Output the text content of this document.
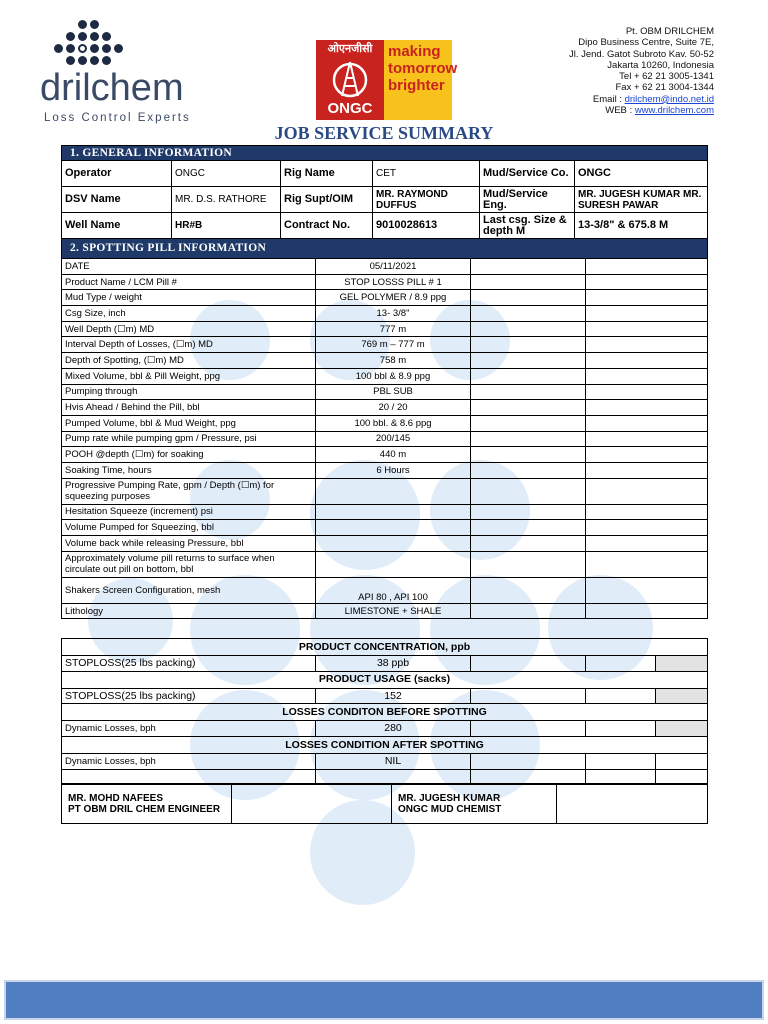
drilchem
Loss Control Experts
ओएनजीसी
ONGC
making
tomorrow
brighter
Pt. OBM DRILCHEM
Dipo Business Centre, Suite 7E,
Jl. Jend. Gatot Subroto Kav. 50-52
Jakarta 10260, Indonesia
Tel + 62 21 3005-1341
Fax + 62 21 3004-1344
Email : drilchem@indo.net.id
WEB : www.drilchem.com
JOB SERVICE SUMMARY
1. GENERAL INFORMATION					
Operator	ONGC	Rig Name	CET	Mud/Service Co.	ONGC
DSV Name	MR. D.S. RATHORE	Rig Supt/OIM	MR. RAYMOND DUFFUS	Mud/Service Eng.	MR. JUGESH KUMAR MR. SURESH PAWAR
Well Name	HR#B	Contract No.	9010028613	Last csg. Size & depth M	13-3/8" & 675.8 M
2. SPOTTING PILL INFORMATION			
DATE	05/11/2021		
Product Name / LCM Pill #	STOP LOSSS PILL # 1		
Mud Type / weight	GEL POLYMER / 8.9 ppg		
Csg Size, inch	13- 3/8"		
Well Depth (☐m) MD	777 m		
Interval Depth of Losses, (☐m) MD	769 m – 777 m		
Depth of Spotting, (☐m) MD	758 m		
Mixed Volume, bbl & Pill Weight, ppg	100 bbl & 8.9 ppg		
Pumping through	PBL SUB		
Hvis Ahead / Behind the Pill, bbl	20 / 20		
Pumped Volume, bbl & Mud Weight, ppg	100 bbl. & 8.6 ppg		
Pump rate while pumping gpm / Pressure, psi	200/145		
POOH @depth (☐m) for soaking	440 m		
Soaking Time, hours	6 Hours		
Progressive Pumping Rate, gpm / Depth (☐m) for squeezing purposes			
Hesitation Squeeze (increment) psi			
Volume Pumped for Squeezing, bbl			
Volume back while releasing Pressure, bbl			
Approximately volume pill returns to surface when circulate out pill on bottom, bbl			
Shakers Screen Configuration, mesh	API 80 , API 100		
Lithology	LIMESTONE + SHALE		
PRODUCT CONCENTRATION, ppb				
STOPLOSS(25 lbs packing)	38 ppb			
PRODUCT USAGE (sacks)				
STOPLOSS(25 lbs packing)	152			
LOSSES CONDITON BEFORE SPOTTING				
Dynamic Losses, bph	280			
LOSSES CONDITION AFTER SPOTTING				
Dynamic Losses, bph	NIL			

MR. MOHD NAFEES
PT OBM DRIL CHEM ENGINEER

MR. JUGESH KUMAR
ONGC MUD CHEMIST
